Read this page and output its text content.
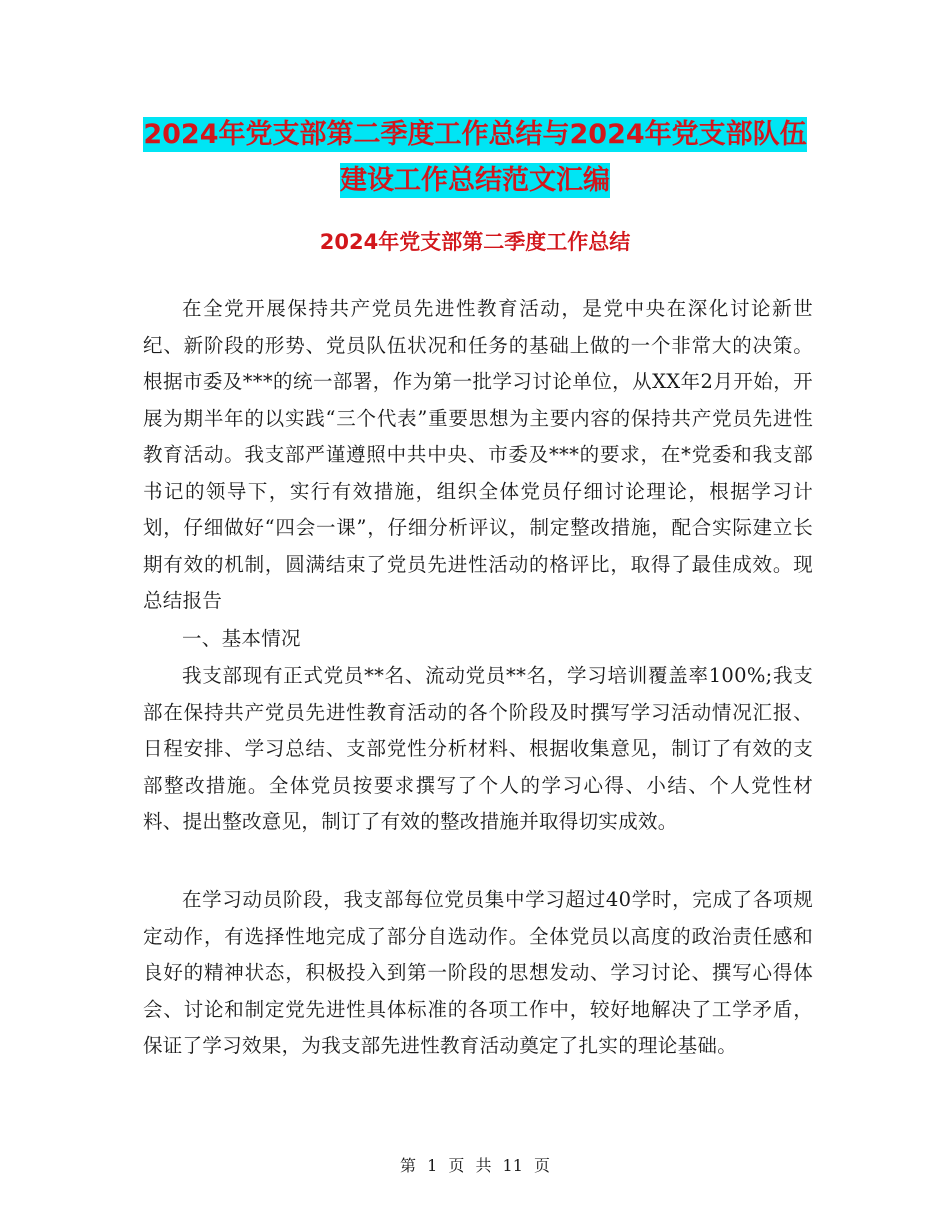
2024年党支部第二季度工作总结与2024年党支部队伍
建设工作总结范文汇编
2024年党支部第二季度工作总结

在全党开展保持共产党员先进性教育活动，是党中央在深化讨论新世纪、新阶段的形势、党员队伍状况和任务的基础上做的一个非常大的决策。根据市委及***的统一部署，作为第一批学习讨论单位，从XX年2月开始，开展为期半年的以实践“三个代表”重要思想为主要内容的保持共产党员先进性教育活动。我支部严谨遵照中共中央、市委及***的要求，在*党委和我支部书记的领导下，实行有效措施，组织全体党员仔细讨论理论，根据学习计划，仔细做好“四会一课”，仔细分析评议，制定整改措施，配合实际建立长期有效的机制，圆满结束了党员先进性活动的格评比，取得了最佳成效。现总结报告

一、基本情况

我支部现有正式党员**名、流动党员**名，学习培训覆盖率100%;我支部在保持共产党员先进性教育活动的各个阶段及时撰写学习活动情况汇报、日程安排、学习总结、支部党性分析材料、根据收集意见，制订了有效的支部整改措施。全体党员按要求撰写了个人的学习心得、小结、个人党性材料、提出整改意见，制订了有效的整改措施并取得切实成效。

在学习动员阶段，我支部每位党员集中学习超过40学时，完成了各项规定动作，有选择性地完成了部分自选动作。全体党员以高度的政治责任感和良好的精神状态，积极投入到第一阶段的思想发动、学习讨论、撰写心得体会、讨论和制定党先进性具体标准的各项工作中，较好地解决了工学矛盾，保证了学习效果，为我支部先进性教育活动奠定了扎实的理论基础。

第 1 页 共 11 页
